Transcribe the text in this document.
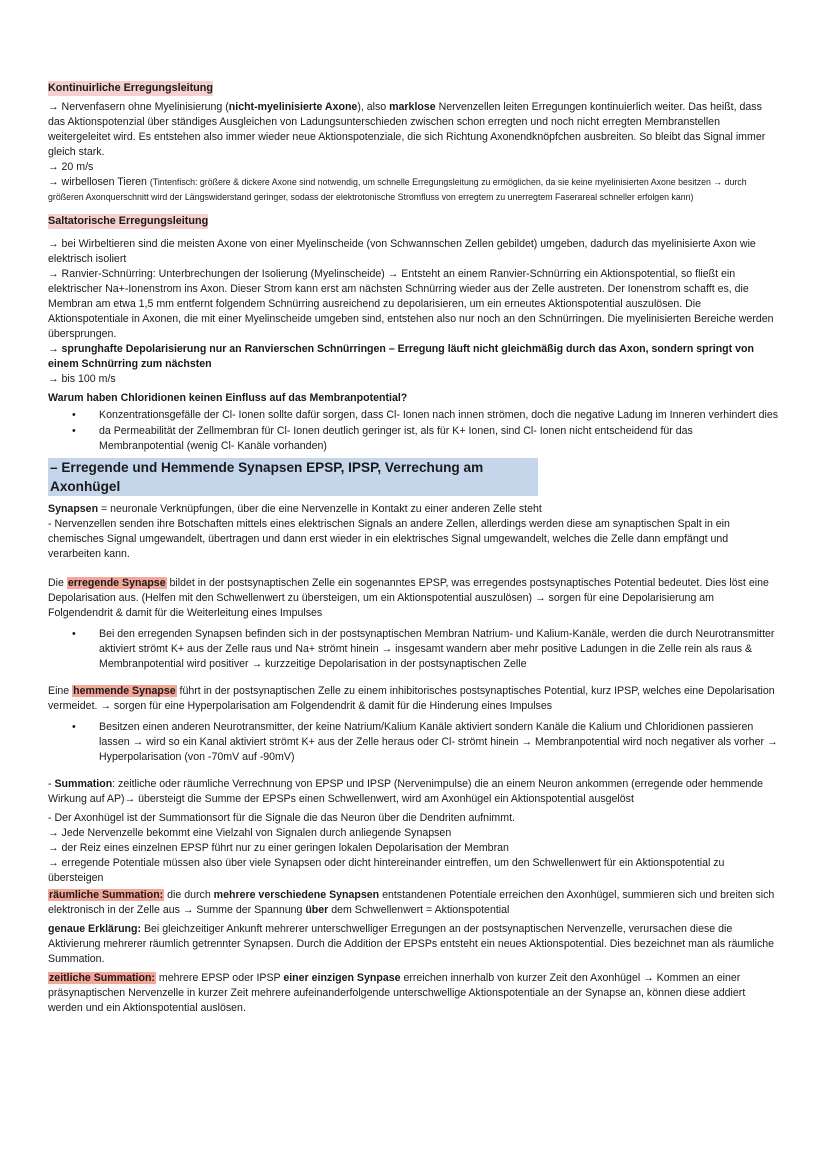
Kontinuirliche Erregungsleitung
→ Nervenfasern ohne Myelinisierung (nicht-myelinisierte Axone), also marklose Nervenzellen leiten Erregungen kontinuierlich weiter. Das heißt, dass das Aktionspotenzial über ständiges Ausgleichen von Ladungsunterschieden zwischen schon erregten und noch nicht erregten Membranstellen weitergeleitet wird. Es entstehen also immer wieder neue Aktionspotenziale, die sich Richtung Axonendknöpfchen ausbreiten. So bleibt das Signal immer gleich stark.
→ 20 m/s
→ wirbellosen Tieren (Tintenfisch: größere & dickere Axone sind notwendig, um schnelle Erregungsleitung zu ermöglichen, da sie keine myelinisierten Axone besitzen → durch größeren Axonquerschnitt wird der Längswiderstand geringer, sodass der elektrotonische Stromfluss von erregtem zu unerregtem Faserareal schneller erfolgen kann)
Saltatorische Erregungsleitung
→ bei Wirbeltieren sind die meisten Axone von einer Myelinscheide (von Schwannschen Zellen gebildet) umgeben, dadurch das myelinisierte Axon wie elektrisch isoliert
→ Ranvier-Schnürring: Unterbrechungen der Isolierung (Myelinscheide) → Entsteht an einem Ranvier-Schnürring ein Aktionspotential, so fließt ein elektrischer Na+-Ionenstrom ins Axon. Dieser Strom kann erst am nächsten Schnürring wieder aus der Zelle austreten. Der Ionenstrom schafft es, die Membran am etwa 1,5 mm entfernt folgendem Schnürring ausreichend zu depolarisieren, um ein erneutes Aktionspotential auszulösen. Die Aktionspotentiale in Axonen, die mit einer Myelinscheide umgeben sind, entstehen also nur noch an den Schnürringen. Die myelinisierten Bereiche werden übersprungen.
→ sprunghafte Depolarisierung nur an Ranvierschen Schnürringen – Erregung läuft nicht gleichmäßig durch das Axon, sondern springt von einem Schnürring zum nächsten
→ bis 100 m/s
Warum haben Chloridionen keinen Einfluss auf das Membranpotential?
• Konzentrationsgefälle der Cl- Ionen sollte dafür sorgen, dass Cl- Ionen nach innen strömen, doch die negative Ladung im Inneren verhindert dies
• da Permeabilität der Zellmembran für Cl- Ionen deutlich geringer ist, als für K+ Ionen, sind Cl- Ionen nicht entscheidend für das Membranpotential (wenig Cl- Kanäle vorhanden)
– Erregende und Hemmende Synapsen EPSP, IPSP, Verrechung am Axonhügel
Synapsen = neuronale Verknüpfungen, über die eine Nervenzelle in Kontakt zu einer anderen Zelle steht
- Nervenzellen senden ihre Botschaften mittels eines elektrischen Signals an andere Zellen, allerdings werden diese am synaptischen Spalt in ein chemisches Signal umgewandelt, übertragen und dann erst wieder in ein elektrisches Signal umgewandelt, welches die Zelle dann empfängt und verarbeiten kann.
Die erregende Synapse bildet in der postsynaptischen Zelle ein sogenanntes EPSP, was erregendes postsynaptisches Potential bedeutet. Dies löst eine Depolarisation aus. (Helfen mit den Schwellenwert zu übersteigen, um ein Aktionspotential auszulösen) → sorgen für eine Depolarisierung am Folgendendrit & damit für die Weiterleitung eines Impulses
• Bei den erregenden Synapsen befinden sich in der postsynaptischen Membran Natrium- und Kalium-Kanäle, werden die durch Neurotransmitter aktiviert strömt K+ aus der Zelle raus und Na+ strömt hinein → insgesamt wandern aber mehr positive Ladungen in die Zelle rein als raus & Membranpotential wird positiver → kurzzeitige Depolarisation in der postsynaptischen Zelle
Eine hemmende Synapse führt in der postsynaptischen Zelle zu einem inhibitorisches postsynaptisches Potential, kurz IPSP, welches eine Depolarisation vermeidet. → sorgen für eine Hyperpolarisation am Folgendendrit & damit für die Hinderung eines Impulses
• Besitzen einen anderen Neurotransmitter, der keine Natrium/Kalium Kanäle aktiviert sondern Kanäle die Kalium und Chloridionen passieren lassen → wird so ein Kanal aktiviert strömt K+ aus der Zelle heraus oder Cl- strömt hinein → Membranpotential wird noch negativer als vorher → Hyperpolarisation (von -70mV auf -90mV)
- Summation: zeitliche oder räumliche Verrechnung von EPSP und IPSP (Nervenimpulse) die an einem Neuron ankommen (erregende oder hemmende Wirkung auf AP)→ übersteigt die Summe der EPSPs einen Schwellenwert, wird am Axonhügel ein Aktionspotential ausgelöst
- Der Axonhügel ist der Summationsort für die Signale die das Neuron über die Dendriten aufnimmt.
→ Jede Nervenzelle bekommt eine Vielzahl von Signalen durch anliegende Synapsen
→ der Reiz eines einzelnen EPSP führt nur zu einer geringen lokalen Depolarisation der Membran
→ erregende Potentiale müssen also über viele Synapsen oder dicht hintereinander eintreffen, um den Schwellenwert für ein Aktionspotential zu übersteigen
räumliche Summation: die durch mehrere verschiedene Synapsen entstandenen Potentiale erreichen den Axonhügel, summieren sich und breiten sich elektronisch in der Zelle aus → Summe der Spannung über dem Schwellenwert = Aktionspotential
genaue Erklärung: Bei gleichzeitiger Ankunft mehrerer unterschwelliger Erregungen an der postsynaptischen Nervenzelle, verursachen diese die Aktivierung mehrerer räumlich getrennter Synapsen. Durch die Addition der EPSPs entsteht ein neues Aktionspotential. Dies bezeichnet man als räumliche Summation.
zeitliche Summation: mehrere EPSP oder IPSP einer einzigen Synpase erreichen innerhalb von kurzer Zeit den Axonhügel → Kommen an einer präsynaptischen Nervenzelle in kurzer Zeit mehrere aufeinanderfolgende unterschwellige Aktionspotentiale an der Synapse an, können diese addiert werden und ein Aktionspotential auslösen.
